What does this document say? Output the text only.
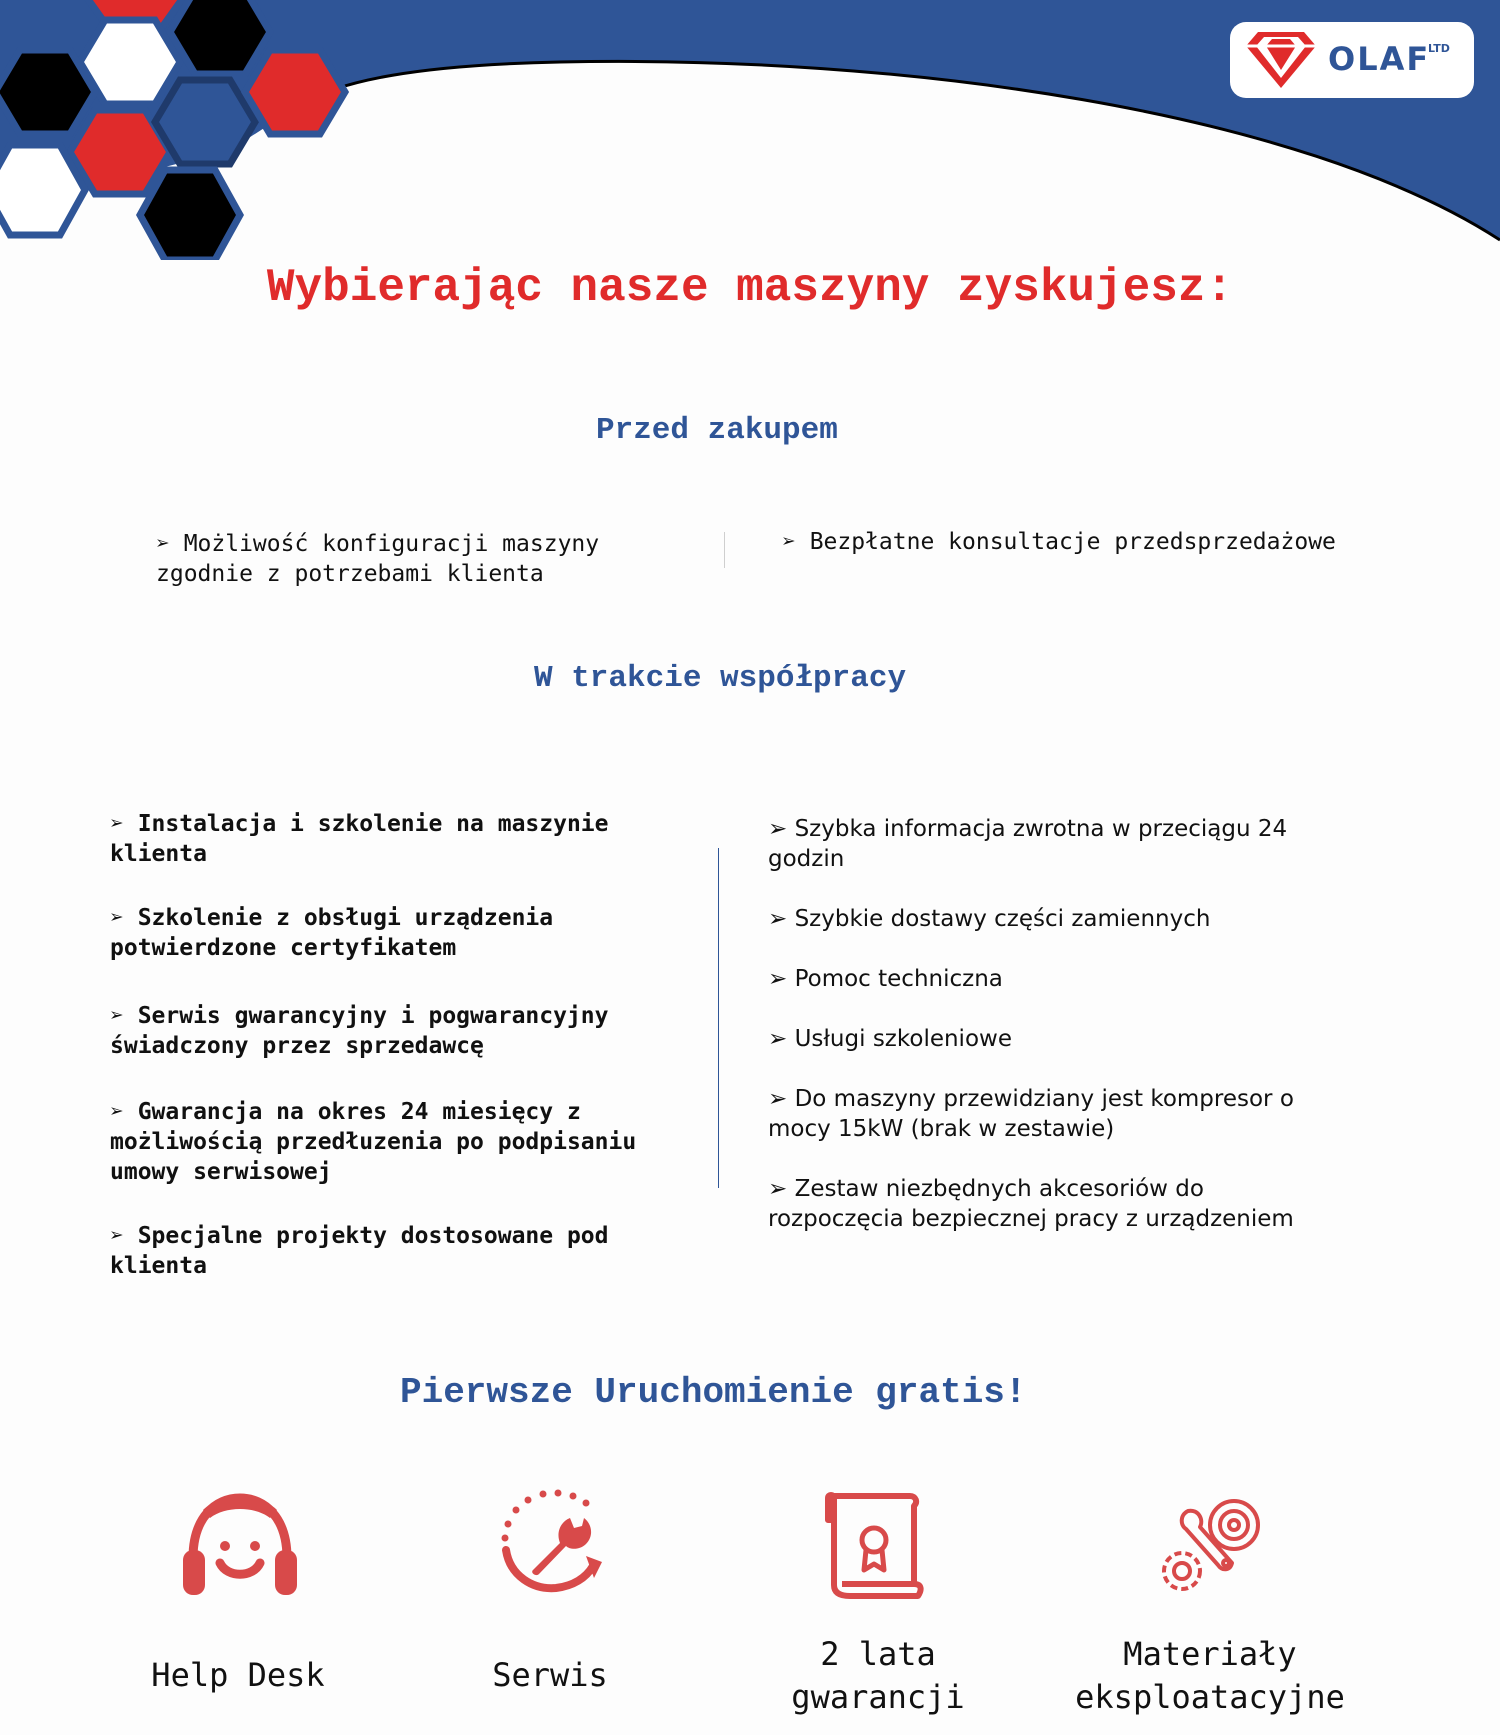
OLAF
LTD
Wybierając nasze maszyny zyskujesz:
Przed zakupem
➢ Możliwość konfiguracji maszyny
zgodnie z potrzebami klienta
➢ Bezpłatne konsultacje przedsprzedażowe
W trakcie współpracy
➢ Instalacja i szkolenie na maszynie
klienta
➢ Szkolenie z obsługi urządzenia
potwierdzone certyfikatem
➢ Serwis gwarancyjny i pogwarancyjny
świadczony przez sprzedawcę
➢ Gwarancja na okres 24 miesięcy z
możliwością przedłuzenia po podpisaniu
umowy serwisowej
➢ Specjalne projekty dostosowane pod
klienta
➢ Szybka informacja zwrotna w przeciągu 24
godzin
➢ Szybkie dostawy części zamiennych
➢ Pomoc techniczna
➢ Usługi szkoleniowe
➢ Do maszyny przewidziany jest kompresor o
mocy 15kW (brak w zestawie)
➢ Zestaw niezbędnych akcesoriów do
rozpoczęcia bezpiecznej pracy z urządzeniem
Pierwsze Uruchomienie gratis!
Help Desk	Serwis
2 lata
gwarancji
Materiały
eksploatacyjne
